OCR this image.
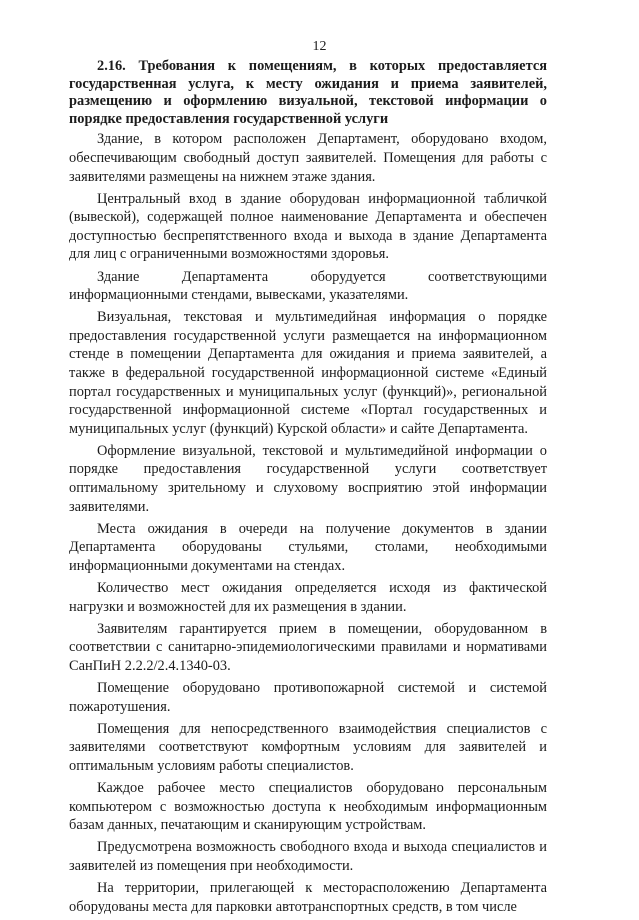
12

2.16. Требования к помещениям, в которых предоставляется государственная услуга, к месту ожидания и приема заявителей, размещению и оформлению визуальной, текстовой информации о порядке предоставления государственной услуги

Здание, в котором расположен Департамент, оборудовано входом, обеспечивающим свободный доступ заявителей. Помещения для работы с заявителями размещены на нижнем этаже здания.

Центральный вход в здание оборудован информационной табличкой (вывеской), содержащей полное наименование Департамента и обеспечен доступностью беспрепятственного входа и выхода в здание Департамента для лиц с ограниченными возможностями здоровья.

Здание Департамента оборудуется соответствующими информационными стендами, вывесками, указателями.

Визуальная, текстовая и мультимедийная информация о порядке предоставления государственной услуги размещается на информационном стенде в помещении Департамента для ожидания и приема заявителей, а также в федеральной государственной информационной системе «Единый портал государственных и муниципальных услуг (функций)», региональной государственной информационной системе «Портал государственных и муниципальных услуг (функций) Курской области» и сайте Департамента.

Оформление визуальной, текстовой и мультимедийной информации о порядке предоставления государственной услуги соответствует оптимальному зрительному и слуховому восприятию этой информации заявителями.

Места ожидания в очереди на получение документов в здании Департамента оборудованы стульями, столами, необходимыми информационными документами на стендах.

Количество мест ожидания определяется исходя из фактической нагрузки и возможностей для их размещения в здании.

Заявителям гарантируется прием в помещении, оборудованном в соответствии с санитарно-эпидемиологическими правилами и нормативами СанПиН 2.2.2/2.4.1340-03.

Помещение оборудовано противопожарной системой и системой пожаротушения.

Помещения для непосредственного взаимодействия специалистов с заявителями соответствуют комфортным условиям для заявителей и оптимальным условиям работы специалистов.

Каждое рабочее место специалистов оборудовано персональным компьютером с возможностью доступа к необходимым информационным базам данных, печатающим и сканирующим устройствам.

Предусмотрена возможность свободного входа и выхода специалистов и заявителей из помещения при необходимости.

На территории, прилегающей к месторасположению Департамента оборудованы места для парковки автотранспортных средств, в том числе
